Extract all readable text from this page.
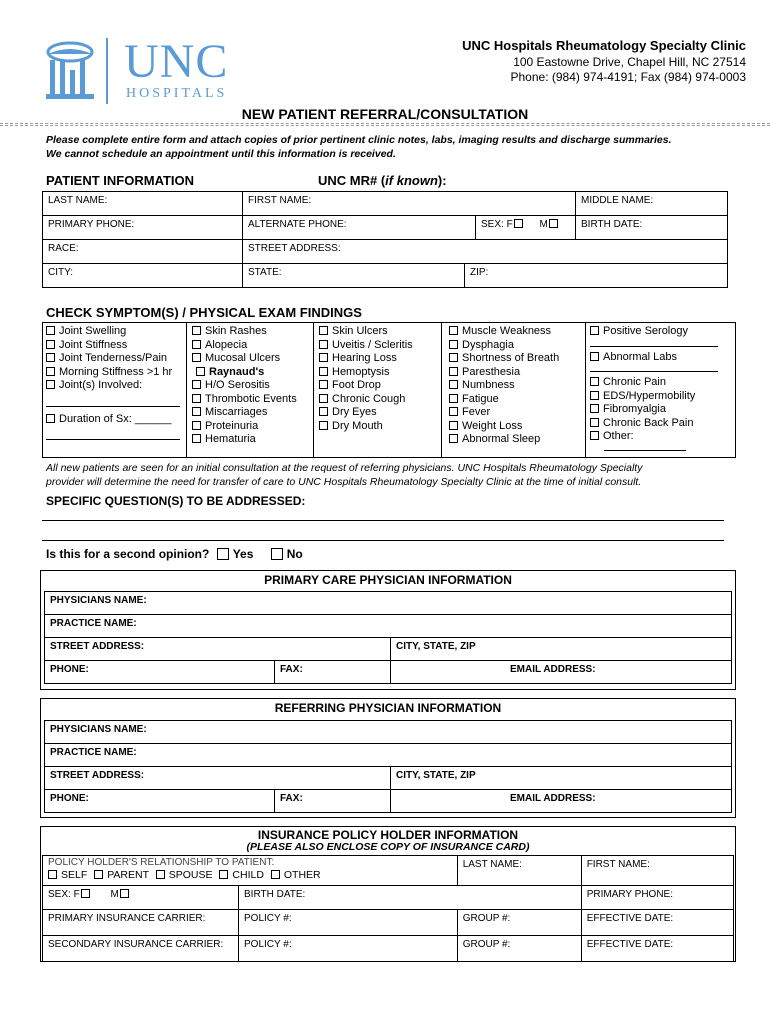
UNC
HOSPITALS
UNC Hospitals Rheumatology Specialty Clinic
100 Eastowne Drive, Chapel Hill, NC 27514
Phone: (984) 974-4191; Fax (984) 974-0003
NEW PATIENT REFERRAL/CONSULTATION
Please complete entire form and attach copies of prior pertinent clinic notes, labs, imaging results and discharge summaries.
We cannot schedule an appointment until this information is received.
PATIENT INFORMATION	UNC MR# (if known):
LAST NAME:	FIRST NAME:			MIDDLE NAME:
PRIMARY PHONE:	ALTERNATE PHONE:		SEX: F M	BIRTH DATE:
RACE:	STREET ADDRESS:			
CITY:	STATE:	ZIP:		
CHECK SYMPTOM(S) / PHYSICAL EXAM FINDINGS
Joint Swelling
Joint Stiffness
Joint Tenderness/Pain
Morning Stiffness >1 hr
Joint(s) Involved:
Duration of Sx: ______
Skin Rashes
Alopecia
Mucosal Ulcers
Raynaud's
H/O Serositis
Thrombotic Events
Miscarriages
Proteinuria
Hematuria
Skin Ulcers
Uveitis / Scleritis
Hearing Loss
Hemoptysis
Foot Drop
Chronic Cough
Dry Eyes
Dry Mouth
Muscle Weakness
Dysphagia
Shortness of Breath
Paresthesia
Numbness
Fatigue
Fever
Weight Loss
Abnormal Sleep
Positive Serology
Abnormal Labs
Chronic Pain
EDS/Hypermobility
Fibromyalgia
Chronic Back Pain
Other:
All new patients are seen for an initial consultation at the request of referring physicians. UNC Hospitals Rheumatology Specialty
provider will determine the need for transfer of care to UNC Hospitals Rheumatology Specialty Clinic at the time of initial consult.
SPECIFIC QUESTION(S) TO BE ADDRESSED:
Is this for a second opinion? Yes	No
PRIMARY CARE PHYSICIAN INFORMATION
PHYSICIANS NAME:		
PRACTICE NAME:		
STREET ADDRESS:		CITY, STATE, ZIP
PHONE:	FAX:	EMAIL ADDRESS:
REFERRING PHYSICIAN INFORMATION
PHYSICIANS NAME:		
PRACTICE NAME:		
STREET ADDRESS:		CITY, STATE, ZIP
PHONE:	FAX:	EMAIL ADDRESS:
INSURANCE POLICY HOLDER INFORMATION
(PLEASE ALSO ENCLOSE COPY OF INSURANCE CARD)
POLICY HOLDER'S RELATIONSHIP TO PATIENT:
SELF PARENT SPOUSE CHILD OTHER		LAST NAME:	FIRST NAME:
SEX: F M	BIRTH DATE:		PRIMARY PHONE:
PRIMARY INSURANCE CARRIER:	POLICY #:	GROUP #:	EFFECTIVE DATE:
SECONDARY INSURANCE CARRIER:	POLICY #:	GROUP #:	EFFECTIVE DATE:
